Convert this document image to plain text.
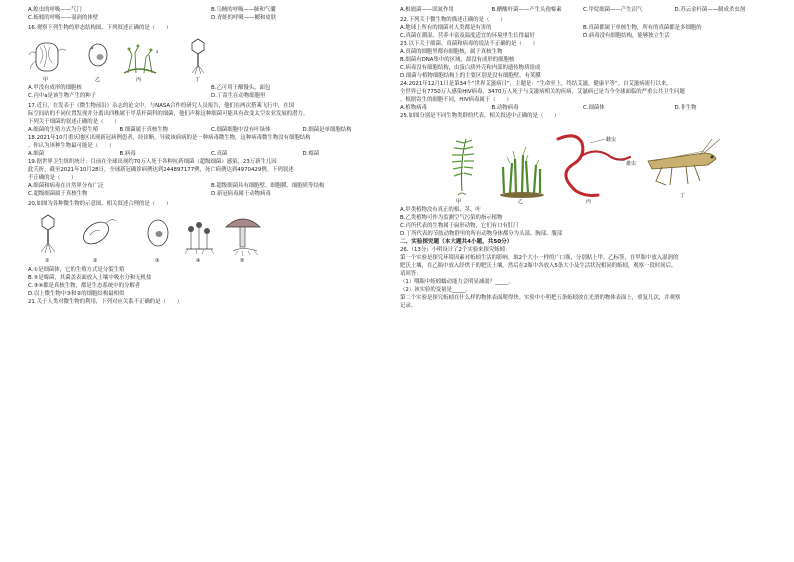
A.蝗虫的呼吸——气门	B.乌贼的呼吸——肺和气囊
C.蚯蚓的呼吸——湿润的体壁	D.青蛙的呼吸——鳃和皮肤
16.观察下列生物的形态结构图，下列叙述正确的是（　　）
a
甲	乙	丙	丁
A.甲没有成形的细胞核	B.乙可用于酿馒头、面包
C.丙中a是该生物产生的种子	D.丁寄生在动物细胞里
17.近日，在发表于《微生物前沿》杂志的论文中，与NASA合作的研究人员报告，他们在两次搭乘飞行中，在国
际空间站的不同位置发现并分离出四株属于甲基杆菌科的细菌，他们声称这种细菌可能具有改变太空农业发展的潜力。
下列关于细菌的叙述正确的是（　　）
A.细菌的生殖方式为分裂生殖	B.细菌属于真核生物	C.细菌细胞中没有叶绿体	D.细菌是单细胞结构
18.2021年10月重庆地区出现新冠病例患者，经诊断，导致该病病的是一种病毒微生物，这种病毒微生物没有细胞结构
。你认为该种生物最可能是（　　）
A.细菌	B.病毒	C.真菌	D.霉菌
19.据世界卫生组织统计：目前在全球出现约70万人死于各种抗药细菌（超级细菌）感染，23万新生儿因
此夭折。截至2021年10月28日，全球新冠确诊病例达到244897177例，死亡病例达到4970429例。下列叙述
不正确的是（　　）
A.细菌和病毒在自然界分布广泛	B.超级细菌具有细胞壁、细胞膜、细胞质等结构
C.超级细菌属于真核生物	D.新冠病毒属于动物病毒
20.如图为各种微生物的示意图，相关叙述合理的是（　　）
①	②	③	④	⑤
A.①是细菌体，它的生殖方式是分裂生殖
B.⑤是霉菌，其菌盖表面放入土壤中吸水分和无机盐
C.③④都是真核生物，都是生态系统中的分解者
D.以上微生物中③和②的细胞结构最相似
21.关于人类对微生物的利用，下列对应关系不正确的是（　　）
A.根瘤菌——固氮作用	B.醋酸杆菌——产生头孢霉素	C.甲烷细菌——产生沼气	D.苏云金杆菌——制成杀虫剂
22.下列关于微生物的描述正确的是（　　）
A.地球上所有的细菌对人类都是有害的	B.真菌都属于单核生物，所有的真菌都是多细胞的
C.真菌在潮湿、营养丰富及温度适宜的环境里生长得最好	D.病毒没有细胞结构，能够独立生活
23.以下关于细菌、真菌和病毒的说法不正确的是（　　）
A.真菌的细胞里都有细胞核，属于真核生物
B.细菌有DNA集中的区域，却没有成形的细胞核
C.病毒没有细胞结构，由蛋白质外壳和内部的遗传物质组成
D.细菌与植物细胞结构上的主要区别是没有细胞壁，有荚膜
24.2021年12月1日是第34个“世界艾滋病日”，主题是：“生命至上，终结艾滋，健康平等”。自艾滋病流行以来，
全世界已有7750万人感染HIV病毒，3470万人死于与艾滋病相关的疾病，艾滋病已是当今全球面临的严重公共卫生问题
。根据寄生的细胞不同，HIV病毒属于（　　）
A.植物病毒	B.动物病毒	C.细菌体	D.非生物
25.如图分别是不同生物类群的代表，相关叙述中正确的是（　　）
雌虫
雄虫
甲	乙	丙
丁
A.甲类植物没有真正的根、茎、叶
B.乙类植物可作为监测空气污染的指示植物
C.丙所代表的生物属于扁形动物，它们有口有肛门
D.丁所代表的节肢动物群里的所有动物身体都分为头部、胸部、腹部
二、实验探究题（本大题共4小题，共50分）
26.（13分）小明设计了2个实验来探究蚯蚓：
第一个实验是探究环境因素对蚯蚓生活的影响。取2个大小一样的广口瓶，分别贴上甲、乙标签，在甲瓶中放入湿润的
肥沃土壤，在乙瓶中放入经烘干的肥沃土壤。然后在2瓶中各放入5条大小及生活状况相同的蚯蚓，观察一段时间后。
请回答：
（1）哪瓶中蚯蚓蠕动能力会明显减弱？_____。
（2）该实验的变量是_____。
第二个实验是探究蚯蚓在什么样的物体表面爬得快。实验中小明把五条蚯蚓放在光滑的物体表面上，重复几次，并观察
记录。
